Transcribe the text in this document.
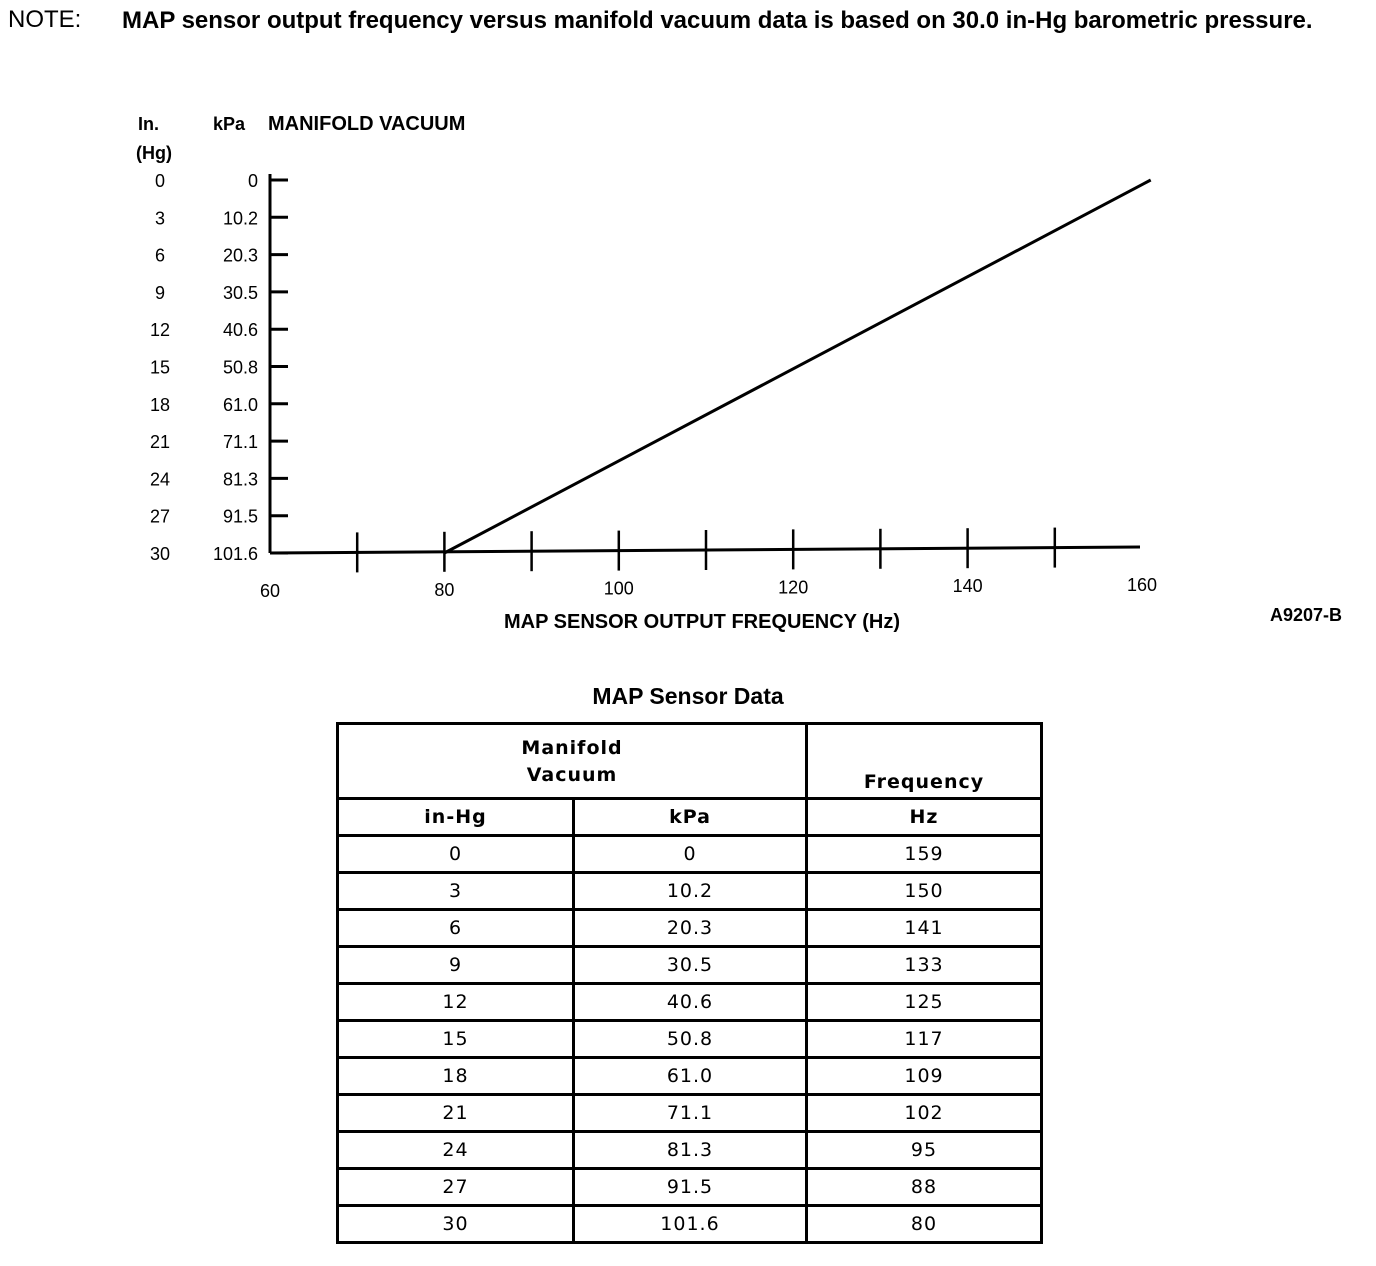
NOTE: MAP sensor output frequency versus manifold vacuum data is based on 30.0 in-Hg barometric pressure.
In.
(Hg)
kPa MANIFOLD VACUUM
MAP SENSOR OUTPUT FREQUENCY (Hz)
0	0
3	10.2
6	20.3
9	30.5
12	40.6
15	50.8
18	61.0
21	71.1
24	81.3
27	91.5
30 101.6
60	80	100	120	140	160
A9207-B
MAP Sensor Data
Manifold
Vacuum		Frequency
in-Hg	kPa	Hz
0	0	159
3	10.2	150
6	20.3	141
9	30.5	133
12	40.6	125
15	50.8	117
18	61.0	109
21	71.1	102
24	81.3	95
27	91.5	88
30	101.6	80
